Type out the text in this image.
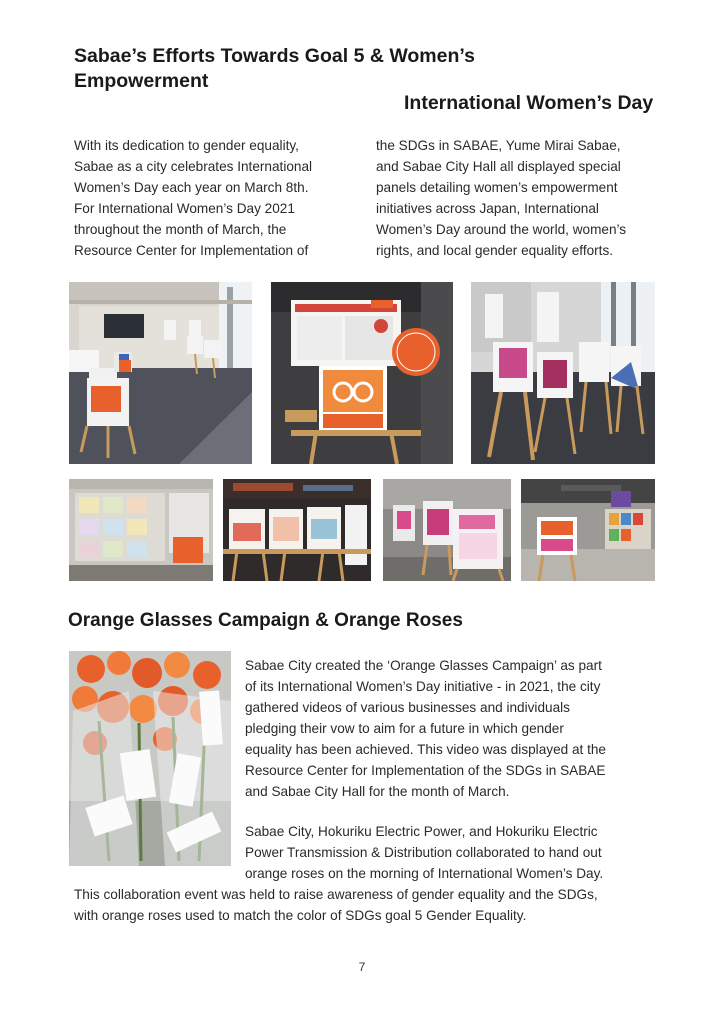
Sabae’s Efforts Towards Goal 5 & Women’s
Empowerment
International Women’s Day

With its dedication to gender equality,

Sabae as a city celebrates International

Women’s Day each year on March 8th.

For International Women’s Day 2021

throughout the month of March, the

Resource Center for Implementation of

the SDGs in SABAE, Yume Mirai Sabae,

and Sabae City Hall all displayed special

panels detailing women’s empowerment

initiatives across Japan, International

Women’s Day around the world, women’s

rights, and local gender equality efforts.

Orange Glasses Campaign & Orange Roses
Sabae City created the ‘Orange Glasses Campaign’ as part
of its International Women’s Day initiative - in 2021, the city
gathered videos of various businesses and individuals
pledging their vow to aim for a future in which gender
equality has been achieved. This video was displayed at the
Resource Center for Implementation of the SDGs in SABAE
and Sabae City Hall for the month of March.
Sabae City, Hokuriku Electric Power, and Hokuriku Electric
Power Transmission & Distribution collaborated to hand out
orange roses on the morning of International Women’s Day.
This collaboration event was held to raise awareness of gender equality and the SDGs,
with orange roses used to match the color of SDGs goal 5 Gender Equality.
7
